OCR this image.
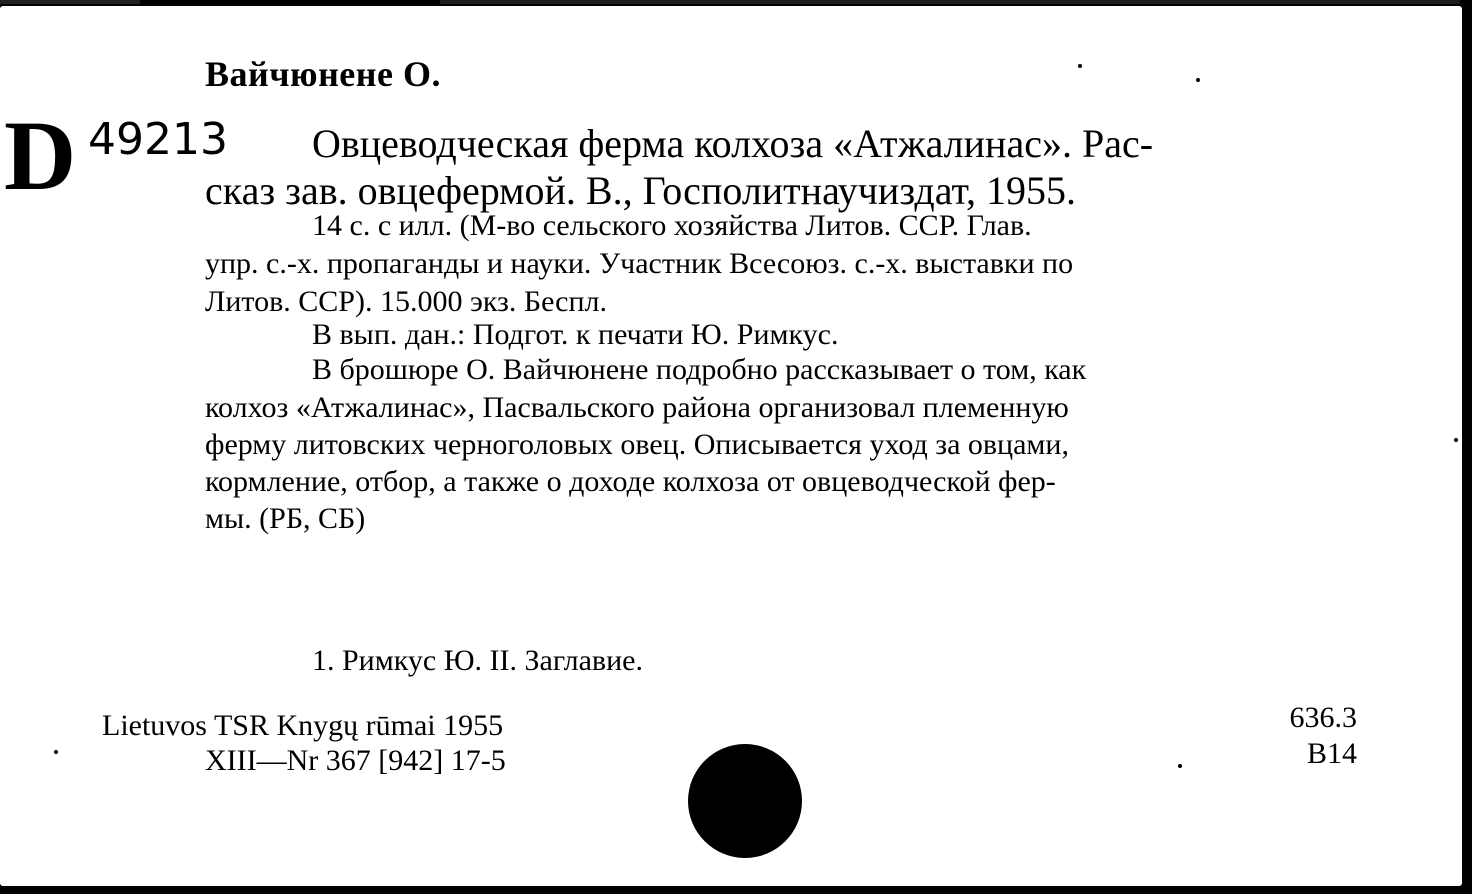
Вайчюнене О.

D 49213 Овцеводческая ферма колхоза «Атжалинас». Рас-

сказ зав. овцефермой. В., Госполитнаучиздат, 1955.

14 с. с илл. (М-во сельского хозяйства Литов. ССР. Глав.

упр. с.-х. пропаганды и науки. Участник Всесоюз. с.-х. выставки по

Литов. ССР). 15.000 экз. Беспл.

В вып. дан.: Подгот. к печати Ю. Римкус.

В брошюре О. Вайчюнене подробно рассказывает о том, как

колхоз «Атжалинас», Пасвальского района организовал племенную

ферму литовских черноголовых овец. Описывается уход за овцами,

кормление, отбор, а также о доходе колхоза от овцеводческой фер-

мы. (РБ, СБ)

1. Римкус Ю. II. Заглавие.

Lietuvos TSR Knygų rūmai 1955

XIII—Nr 367 [942] 17-5

636.3

В14
